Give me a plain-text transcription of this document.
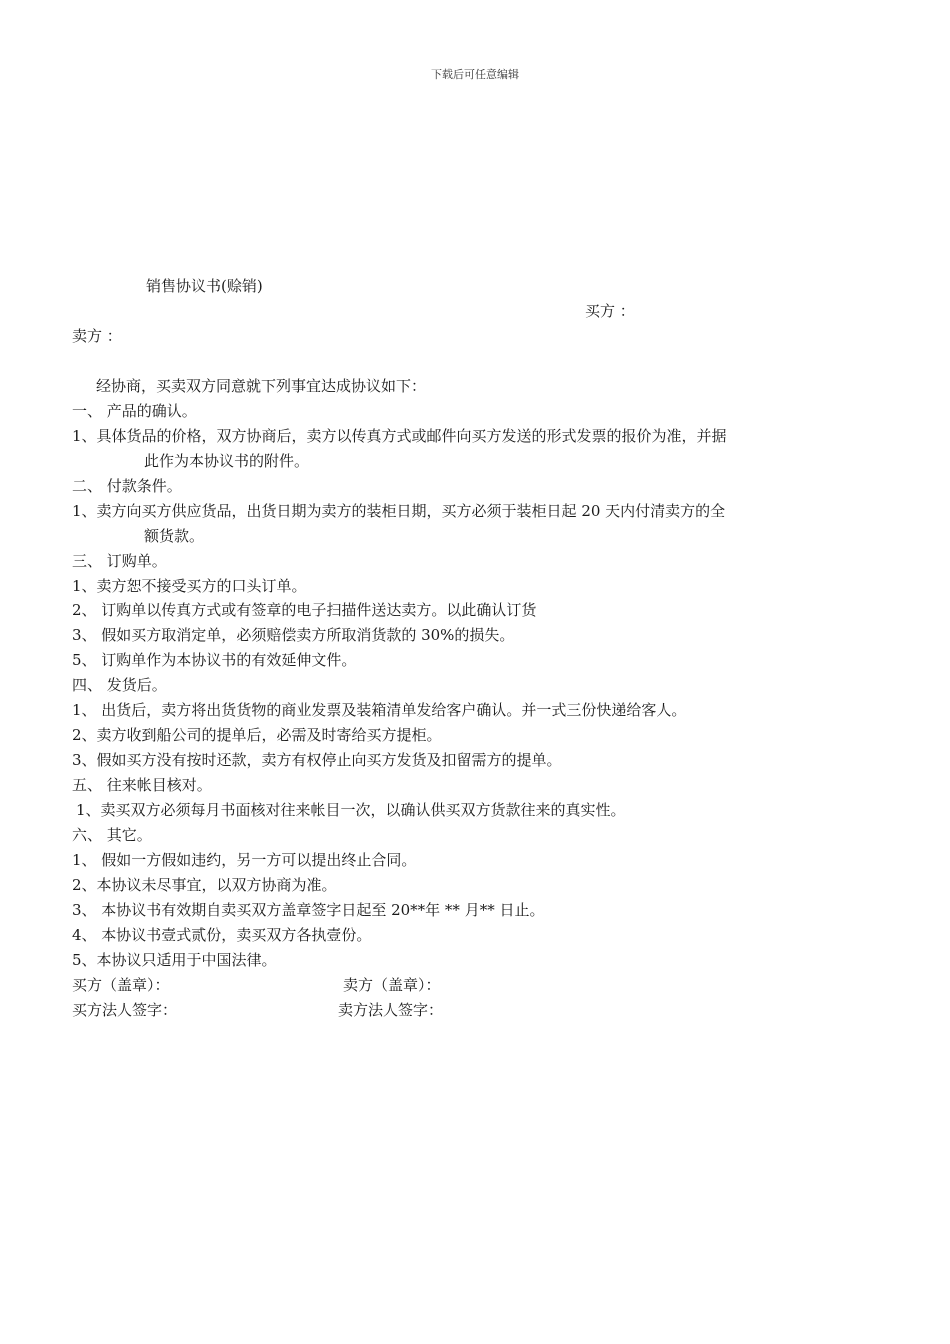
下载后可任意编辑
销售协议书(赊销)
买方 ：
卖方 ：
经协商，买卖双方同意就下列事宜达成协议如下：
一、 产品的确认。
1、具体货品的价格，双方协商后，卖方以传真方式或邮件向买方发送的形式发票的报价为准，并据
此作为本协议书的附件。
二、 付款条件。
1、卖方向买方供应货品，出货日期为卖方的装柜日期，买方必须于装柜日起 20 天内付清卖方的全
额货款。
三、 订购单。
1、卖方恕不接受买方的口头订单。
2、 订购单以传真方式或有签章的电子扫描件送达卖方。以此确认订货
3、 假如买方取消定单，必须赔偿卖方所取消货款的 30%的损失。
5、 订购单作为本协议书的有效延伸文件。
四、 发货后。
1、 出货后，卖方将出货货物的商业发票及装箱清单发给客户确认。并一式三份快递给客人。
2、卖方收到船公司的提单后，必需及时寄给买方提柜。
3、假如买方没有按时还款，卖方有权停止向买方发货及扣留需方的提单。
五、 往来帐目核对。
1、卖买双方必须每月书面核对往来帐目一次，以确认供买双方货款往来的真实性。
六、 其它。
1、 假如一方假如违约，另一方可以提出终止合同。
2、本协议未尽事宜，以双方协商为准。
3、 本协议书有效期自卖买双方盖章签字日起至 20**年 ** 月** 日止。
4、 本协议书壹式贰份，卖买双方各执壹份。
5、本协议只适用于中国法律。
买方（盖章）：	卖方（盖章）：
买方法人签字：	卖方法人签字：
